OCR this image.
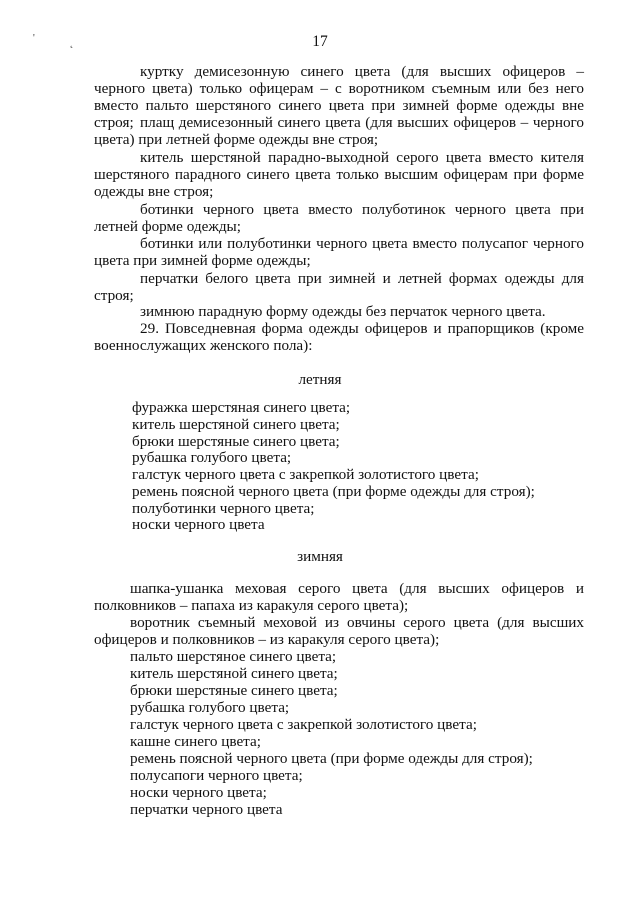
'	˛	17

куртку демисезонную синего цвета (для высших офицеров – черного цвета) только офицерам – с воротником съемным или без него вместо пальто шерстяного синего цвета при зимней форме одежды вне строя; плащ демисезонный синего цвета (для высших офицеров – черного цвета) при летней форме одежды вне строя;

китель шерстяной парадно-выходной серого цвета вместо кителя шерстяного парадного синего цвета только высшим офицерам при форме одежды вне строя;

ботинки черного цвета вместо полуботинок черного цвета при летней форме одежды;

ботинки или полуботинки черного цвета вместо полусапог черного цвета при зимней форме одежды;

перчатки белого цвета при зимней и летней формах одежды для строя;

зимнюю парадную форму одежды без перчаток черного цвета.

29. Повседневная форма одежды офицеров и прапорщиков (кроме военнослужащих женского пола):

летняя
фуражка шерстяная синего цвета;
китель шерстяной синего цвета;
брюки шерстяные синего цвета;
рубашка голубого цвета;
галстук черного цвета с закрепкой золотистого цвета;
ремень поясной черного цвета (при форме одежды для строя);
полуботинки черного цвета;
носки черного цвета
зимняя

шапка-ушанка меховая серого цвета (для высших офицеров и полковников – папаха из каракуля серого цвета);

воротник съемный меховой из овчины серого цвета (для высших офицеров и полковников – из каракуля серого цвета);

пальто шерстяное синего цвета;
китель шерстяной синего цвета;
брюки шерстяные синего цвета;
рубашка голубого цвета;
галстук черного цвета с закрепкой золотистого цвета;
кашне синего цвета;
ремень поясной черного цвета (при форме одежды для строя);
полусапоги черного цвета;
носки черного цвета;
перчатки черного цвета
